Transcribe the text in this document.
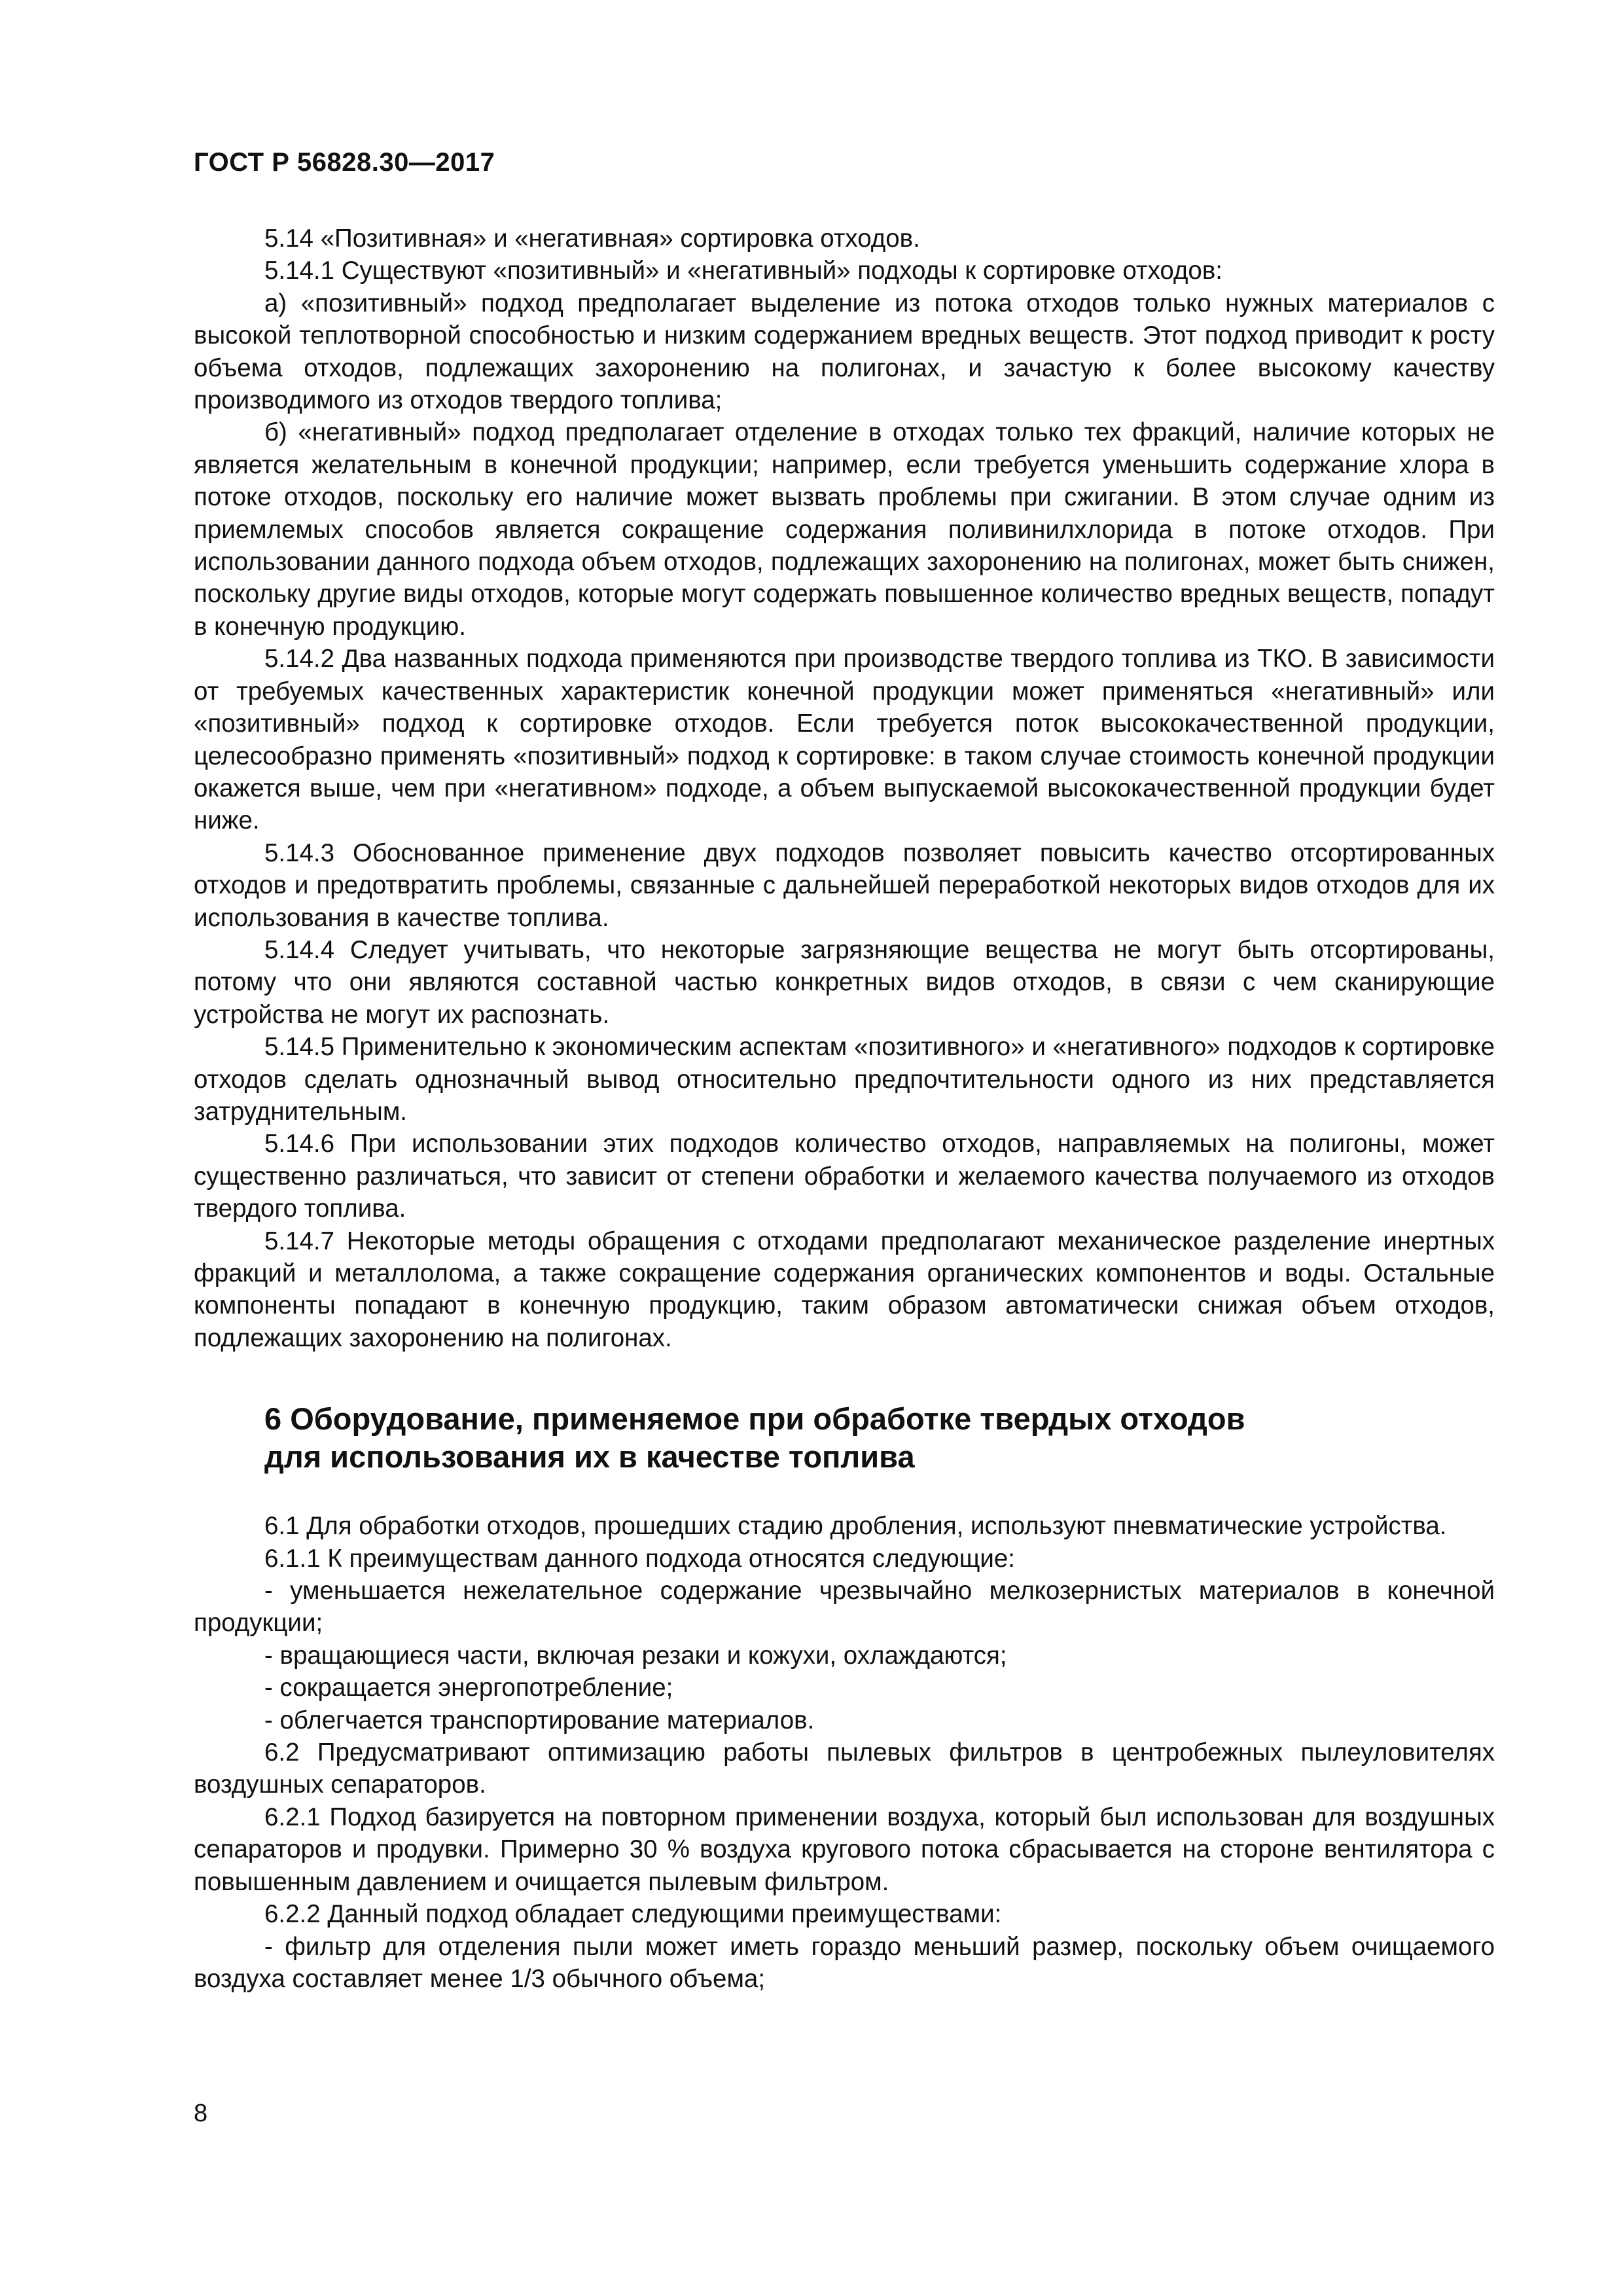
ГОСТ Р 56828.30—2017

5.14 «Позитивная» и «негативная» сортировка отходов.

5.14.1 Существуют «позитивный» и «негативный» подходы к сортировке отходов:

а) «позитивный» подход предполагает выделение из потока отходов только нужных материалов с высокой теплотворной способностью и низким содержанием вредных веществ. Этот подход приводит к росту объема отходов, подлежащих захоронению на полигонах, и зачастую к более высокому качеству производимого из отходов твердого топлива;

б) «негативный» подход предполагает отделение в отходах только тех фракций, наличие которых не является желательным в конечной продукции; например, если требуется уменьшить содержание хлора в потоке отходов, поскольку его наличие может вызвать проблемы при сжигании. В этом случае одним из приемлемых способов является сокращение содержания поливинилхлорида в потоке отходов. При использовании данного подхода объем отходов, подлежащих захоронению на полигонах, может быть снижен, поскольку другие виды отходов, которые могут содержать повышенное количество вредных веществ, попадут в конечную продукцию.

5.14.2 Два названных подхода применяются при производстве твердого топлива из ТКО. В зависимости от требуемых качественных характеристик конечной продукции может применяться «негативный» или «позитивный» подход к сортировке отходов. Если требуется поток высококачественной продукции, целесообразно применять «позитивный» подход к сортировке: в таком случае стоимость конечной продукции окажется выше, чем при «негативном» подходе, а объем выпускаемой высококачественной продукции будет ниже.

5.14.3 Обоснованное применение двух подходов позволяет повысить качество отсортированных отходов и предотвратить проблемы, связанные с дальнейшей переработкой некоторых видов отходов для их использования в качестве топлива.

5.14.4 Следует учитывать, что некоторые загрязняющие вещества не могут быть отсортированы, потому что они являются составной частью конкретных видов отходов, в связи с чем сканирующие устройства не могут их распознать.

5.14.5 Применительно к экономическим аспектам «позитивного» и «негативного» подходов к сортировке отходов сделать однозначный вывод относительно предпочтительности одного из них представляется затруднительным.

5.14.6 При использовании этих подходов количество отходов, направляемых на полигоны, может существенно различаться, что зависит от степени обработки и желаемого качества получаемого из отходов твердого топлива.

5.14.7 Некоторые методы обращения с отходами предполагают механическое разделение инертных фракций и металлолома, а также сокращение содержания органических компонентов и воды. Остальные компоненты попадают в конечную продукцию, таким образом автоматически снижая объем отходов, подлежащих захоронению на полигонах.

6 Оборудование, применяемое при обработке твердых отходов
для использования их в качестве топлива

6.1 Для обработки отходов, прошедших стадию дробления, используют пневматические устройства.

6.1.1 К преимуществам данного подхода относятся следующие:

- уменьшается нежелательное содержание чрезвычайно мелкозернистых материалов в конечной продукции;

- вращающиеся части, включая резаки и кожухи, охлаждаются;

- сокращается энергопотребление;

- облегчается транспортирование материалов.

6.2 Предусматривают оптимизацию работы пылевых фильтров в центробежных пылеуловителях воздушных сепараторов.

6.2.1 Подход базируется на повторном применении воздуха, который был использован для воздушных сепараторов и продувки. Примерно 30 % воздуха кругового потока сбрасывается на стороне вентилятора с повышенным давлением и очищается пылевым фильтром.

6.2.2 Данный подход обладает следующими преимуществами:

- фильтр для отделения пыли может иметь гораздо меньший размер, поскольку объем очищаемого воздуха составляет менее 1/3 обычного объема;

8
